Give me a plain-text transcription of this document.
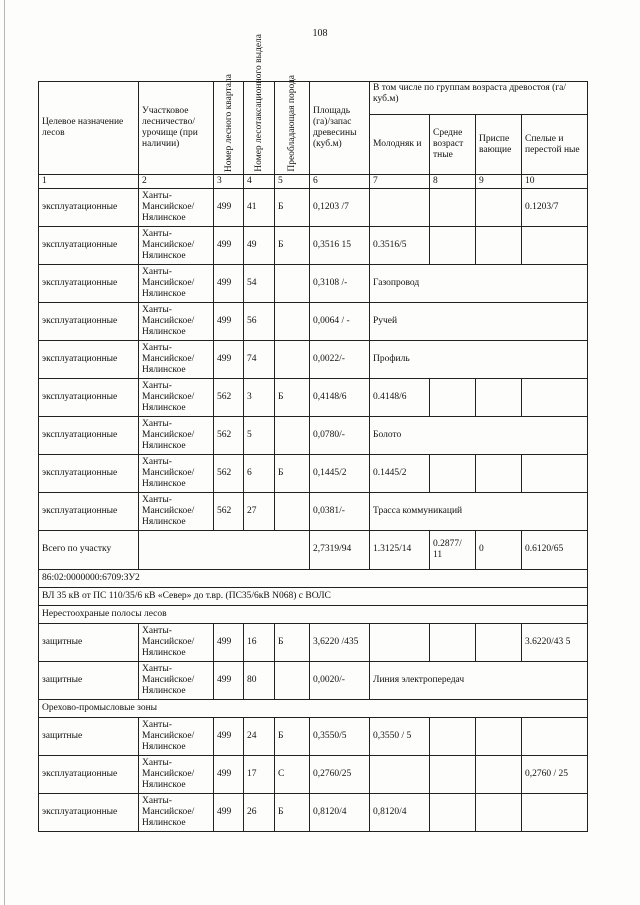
108
Целевое назначение лесов	Участковое лесничество/ урочище (при наличии)	Номер лесного квартала	Номер лесотаксационного выдела	Преобладающая порода	Площадь (га)/запас древесины (куб.м)	В том числе по группам возраста древостоя (га/куб.м)			
						Молодняк и	Средне возраст тные	Приспе вающие	Спелые и перестой ные
1	2	3	4	5	6	7	8	9	10
эксплуатационные	Ханты- Мансийское/ Нялинское	499	41	Б	0,1203 /7				0.1203/7
эксплуатационные	Ханты- Мансийское/ Нялинское	499	49	Б	0,3516 15	0.3516/5			
эксплуатационные	Ханты- Мансийское/ Нялинское	499	54		0,3108 /-	Газопровод			
эксплуатационные	Ханты- Мансийское/ Нялинское	499	56		0,0064 / -	Ручей			
эксплуатационные	Ханты- Мансийское/ Нялинское	499	74		0,0022/-	Профиль			
эксплуатационные	Ханты- Мансийское/ Нялинское	562	3	Б	0,4148/6	0.4148/6			
эксплуатационные	Ханты- Мансийское/ Нялинское	562	5		0,0780/-	Болото			
эксплуатационные	Ханты- Мансийское/ Нялинское	562	6	Б	0,1445/2	0.1445/2			
эксплуатационные	Ханты- Мансийское/ Нялинское	562	27		0,0381/-	Трасса коммуникаций			
Всего по участку					2,7319/94	1.3125/14	0.2877/ 11	0	0.6120/65
86:02:0000000:6709:ЗУ2									
ВЛ 35 кВ от ПС 110/35/6 кВ «Север» до т.вр. (ПС35/6кВ N068) с ВОЛС									
Нерестоохраные полосы лесов									
защитные	Ханты- Мансийское/ Нялинское	499	16	Б	3,6220 /435				3.6220/43 5
защитные	Ханты- Мансийское/ Нялинское	499	80		0,0020/-	Линия электропередач			
Орехово-промысловые зоны									
защитные	Ханты- Мансийское/ Нялинское	499	24	Б	0,3550/5	0,3550 / 5			
эксплуатационные	Ханты- Мансийское/ Нялинское	499	17	С	0,2760/25				0,2760 / 25
эксплуатационные	Ханты- Мансийское/ Нялинское	499	26	Б	0,8120/4	0,8120/4			
